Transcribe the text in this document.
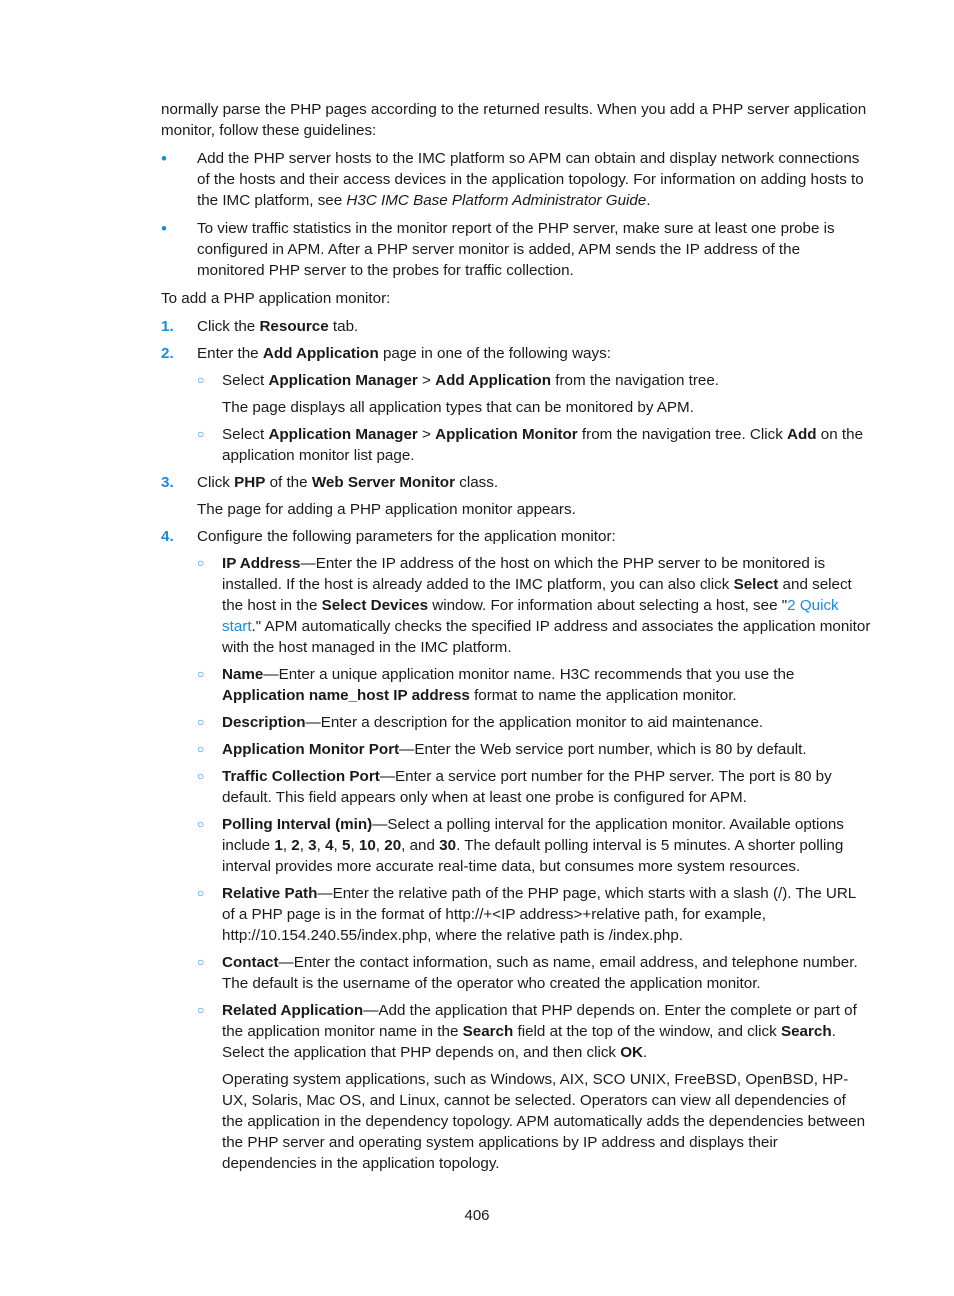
normally parse the PHP pages according to the returned results. When you add a PHP server application monitor, follow these guidelines:

• Add the PHP server hosts to the IMC platform so APM can obtain and display network connections of the hosts and their access devices in the application topology. For information on adding hosts to the IMC platform, see H3C IMC Base Platform Administrator Guide.
• To view traffic statistics in the monitor report of the PHP server, make sure at least one probe is configured in APM. After a PHP server monitor is added, APM sends the IP address of the monitored PHP server to the probes for traffic collection.

To add a PHP application monitor:

1. Click the Resource tab.
2. Enter the Add Application page in one of the following ways:
○ Select Application Manager > Add Application from the navigation tree.

The page displays all application types that can be monitored by APM.

○ Select Application Manager > Application Monitor from the navigation tree. Click Add on the application monitor list page.
3. Click PHP of the Web Server Monitor class.

The page for adding a PHP application monitor appears.

4. Configure the following parameters for the application monitor:
○ IP Address—Enter the IP address of the host on which the PHP server to be monitored is installed. If the host is already added to the IMC platform, you can also click Select and select the host in the Select Devices window. For information about selecting a host, see "2 Quick start." APM automatically checks the specified IP address and associates the application monitor with the host managed in the IMC platform.
○ Name—Enter a unique application monitor name. H3C recommends that you use the Application name_host IP address format to name the application monitor.
○ Description—Enter a description for the application monitor to aid maintenance.
○ Application Monitor Port—Enter the Web service port number, which is 80 by default.
○ Traffic Collection Port—Enter a service port number for the PHP server. The port is 80 by default. This field appears only when at least one probe is configured for APM.
○ Polling Interval (min)—Select a polling interval for the application monitor. Available options include 1, 2, 3, 4, 5, 10, 20, and 30. The default polling interval is 5 minutes. A shorter polling interval provides more accurate real-time data, but consumes more system resources.
○ Relative Path—Enter the relative path of the PHP page, which starts with a slash (/). The URL of a PHP page is in the format of http://+<IP address>+relative path, for example, http://10.154.240.55/index.php, where the relative path is /index.php.
○ Contact—Enter the contact information, such as name, email address, and telephone number. The default is the username of the operator who created the application monitor.
○ Related Application—Add the application that PHP depends on. Enter the complete or part of the application monitor name in the Search field at the top of the window, and click Search. Select the application that PHP depends on, and then click OK.

Operating system applications, such as Windows, AIX, SCO UNIX, FreeBSD, OpenBSD, HP-UX, Solaris, Mac OS, and Linux, cannot be selected. Operators can view all dependencies of the application in the dependency topology. APM automatically adds the dependencies between the PHP server and operating system applications by IP address and displays their dependencies in the application topology.

406
